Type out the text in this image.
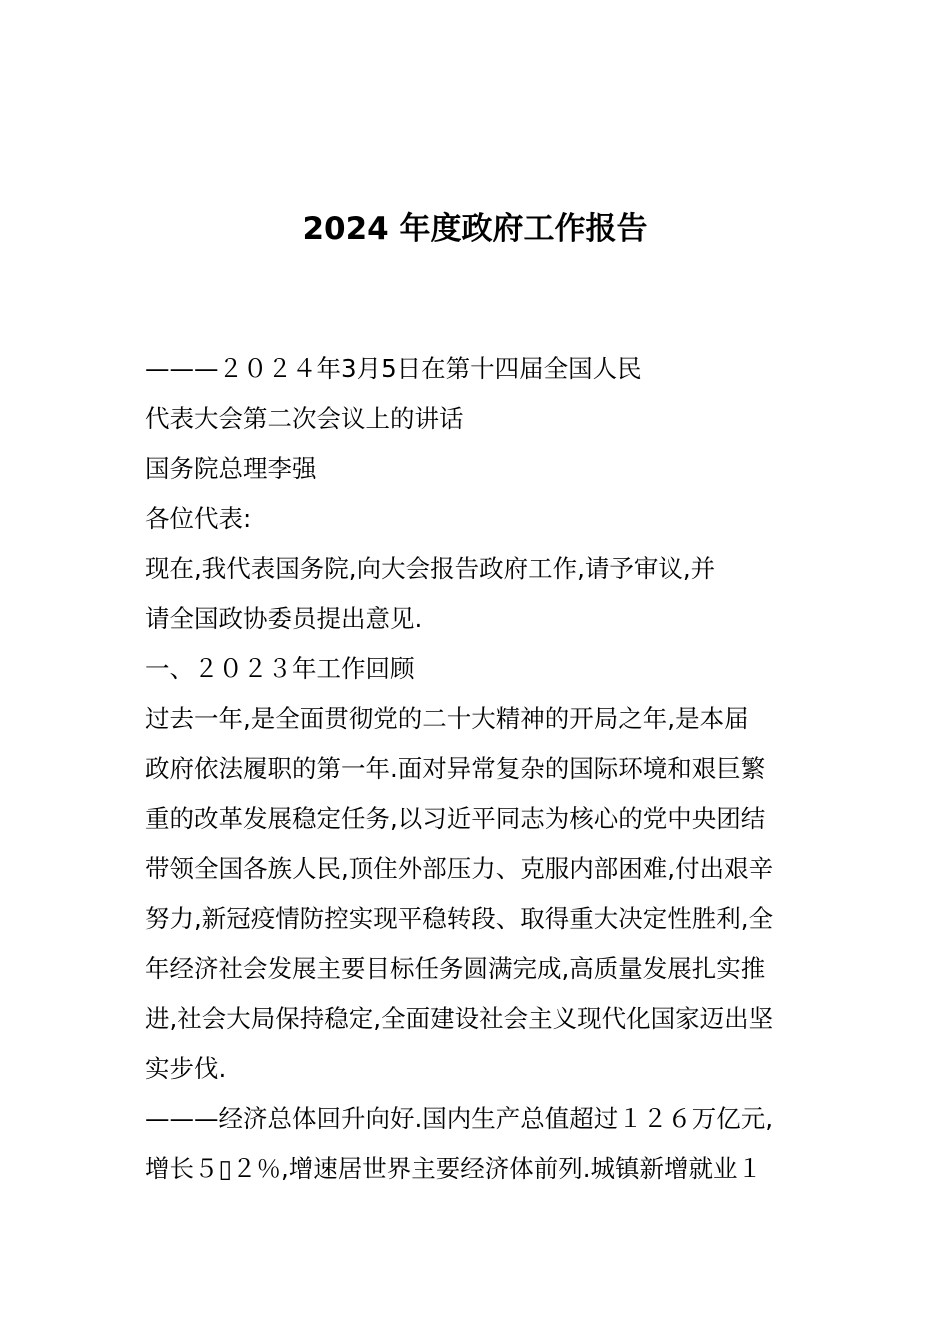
2024 年度政府工作报告
———２０２４年3月5日在第十四届全国人民
代表大会第二次会议上的讲话
国务院总理李强
各位代表:
现在,我代表国务院,向大会报告政府工作,请予审议,并
请全国政协委员提出意见.
一、２０２３年工作回顾
过去一年,是全面贯彻党的二十大精神的开局之年,是本届
政府依法履职的第一年.面对异常复杂的国际环境和艰巨繁
重的改革发展稳定任务,以习近平同志为核心的党中央团结
带领全国各族人民,顶住外部压力、克服内部困难,付出艰辛
努力,新冠疫情防控实现平稳转段、取得重大决定性胜利,全
年经济社会发展主要目标任务圆满完成,高质量发展扎实推
进,社会大局保持稳定,全面建设社会主义现代化国家迈出坚
实步伐.
———经济总体回升向好.国内生产总值超过１２６万亿元,
增长５▯２％,增速居世界主要经济体前列.城镇新增就业１
